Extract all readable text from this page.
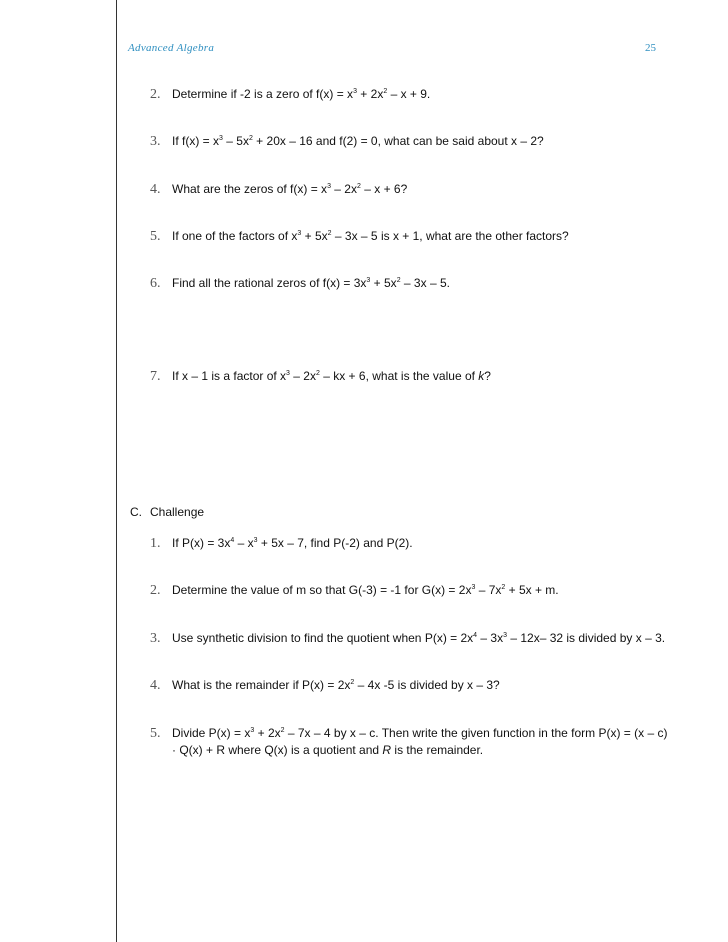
Advanced Algebra	25
2. Determine if -2 is a zero of $f(x) = x^3 + 2x^2 - x + 9$.
3. If $f(x) = x^3 - 5x^2 + 20x - 16$ and f(2) = 0, what can be said about x – 2?
4. What are the zeros of $f(x) = x^3 - 2x^2 - x + 6$?
5. If one of the factors of $x^3 + 5x^2 - 3x - 5$ is x + 1, what are the other factors?
6. Find all the rational zeros of $f(x) = 3x^3 + 5x^2 - 3x - 5$.
7. If x – 1 is a factor of $x^3 - 2x^2$ – kx + 6, what is the value of k?
C. Challenge
1. If $P(x) = 3x^4 - x^3 + 5x - 7$, find P(-2) and P(2).
2. Determine the value of m so that G(-3) = -1 for $G(x) = 2x^3 - 7x^2 + 5x + m$.
3. Use synthetic division to find the quotient when $P(x) = 2x^4 - 3x^3 - 12x-$ 32 is divided by x – 3.
4. What is the remainder if $P(x) = 2x^2 - 4x$ -5 is divided by x – 3?
5. Divide $P(x) = x^3 + 2x^2 - 7x - 4$ by x – c. Then write the given function in the form P(x) = (x – c) · Q(x) + R where Q(x) is a quotient and R is the remainder.
